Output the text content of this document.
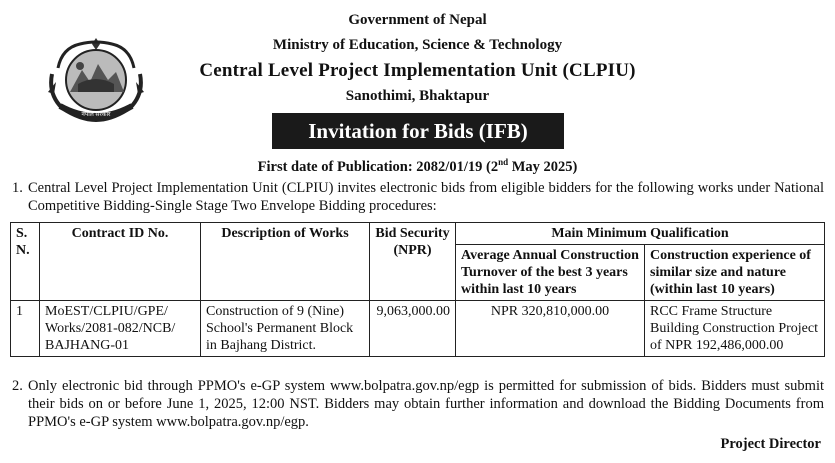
नेपाल सरकार
Government of Nepal
Ministry of Education, Science & Technology
Central Level Project Implementation Unit (CLPIU)
Sanothimi, Bhaktapur
Invitation for Bids (IFB)
First date of Publication: 2082/01/19 (2nd May 2025)
1. Central Level Project Implementation Unit (CLPIU) invites electronic bids from eligible bidders for the following works under National Competitive Bidding-Single Stage Two Envelope Bidding procedures:
S. N.	Contract ID No.	Description of Works	Bid Security (NPR)	Main Minimum Qualification	
				Average Annual Construction Turnover of the best 3 years within last 10 years	Construction experience of similar size and nature (within last 10 years)
1	MoEST/CLPIU/GPE/ Works/2081-082/NCB/ BAJHANG-01	Construction of 9 (Nine) School's Permanent Block in Bajhang District.	9,063,000.00	NPR 320,810,000.00	RCC Frame Structure Building Construction Project of NPR 192,486,000.00
2. Only electronic bid through PPMO's e-GP system www.bolpatra.gov.np/egp is permitted for submission of bids. Bidders must submit their bids on or before June 1, 2025, 12:00 NST. Bidders may obtain further information and download the Bidding Documents from PPMO's e-GP system www.bolpatra.gov.np/egp.
Project Director
